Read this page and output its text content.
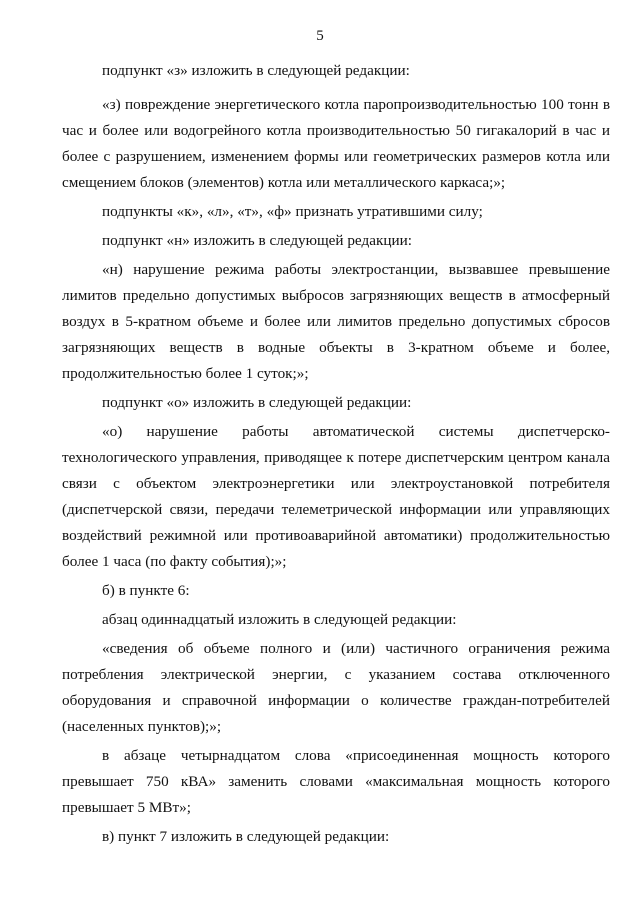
5

подпункт «з» изложить в следующей редакции:

«з) повреждение энергетического котла паропроизводительностью 100 тонн в час и более или водогрейного котла производительностью 50 гигакалорий в час и более с разрушением, изменением формы или геометрических размеров котла или смещением блоков (элементов) котла или металлического каркаса;»;

подпункты «к», «л», «т», «ф» признать утратившими силу;

подпункт «н» изложить в следующей редакции:

«н) нарушение режима работы электростанции, вызвавшее превышение лимитов предельно допустимых выбросов загрязняющих веществ в атмосферный воздух в 5-кратном объеме и более или лимитов предельно допустимых сбросов загрязняющих веществ в водные объекты в 3-кратном объеме и более, продолжительностью более 1 суток;»;

подпункт «о» изложить в следующей редакции:

«о) нарушение работы автоматической системы диспетчерско-технологического управления, приводящее к потере диспетчерским центром канала связи с объектом электроэнергетики или электроустановкой потребителя (диспетчерской связи, передачи телеметрической информации или управляющих воздействий режимной или противоаварийной автоматики) продолжительностью более 1 часа (по факту события);»;

б) в пункте 6:

абзац одиннадцатый изложить в следующей редакции:

«сведения об объеме полного и (или) частичного ограничения режима потребления электрической энергии, с указанием состава отключенного оборудования и справочной информации о количестве граждан-потребителей (населенных пунктов);»;

в абзаце четырнадцатом слова «присоединенная мощность которого превышает 750 кВА» заменить словами «максимальная мощность которого превышает 5 МВт»;

в) пункт 7 изложить в следующей редакции:
